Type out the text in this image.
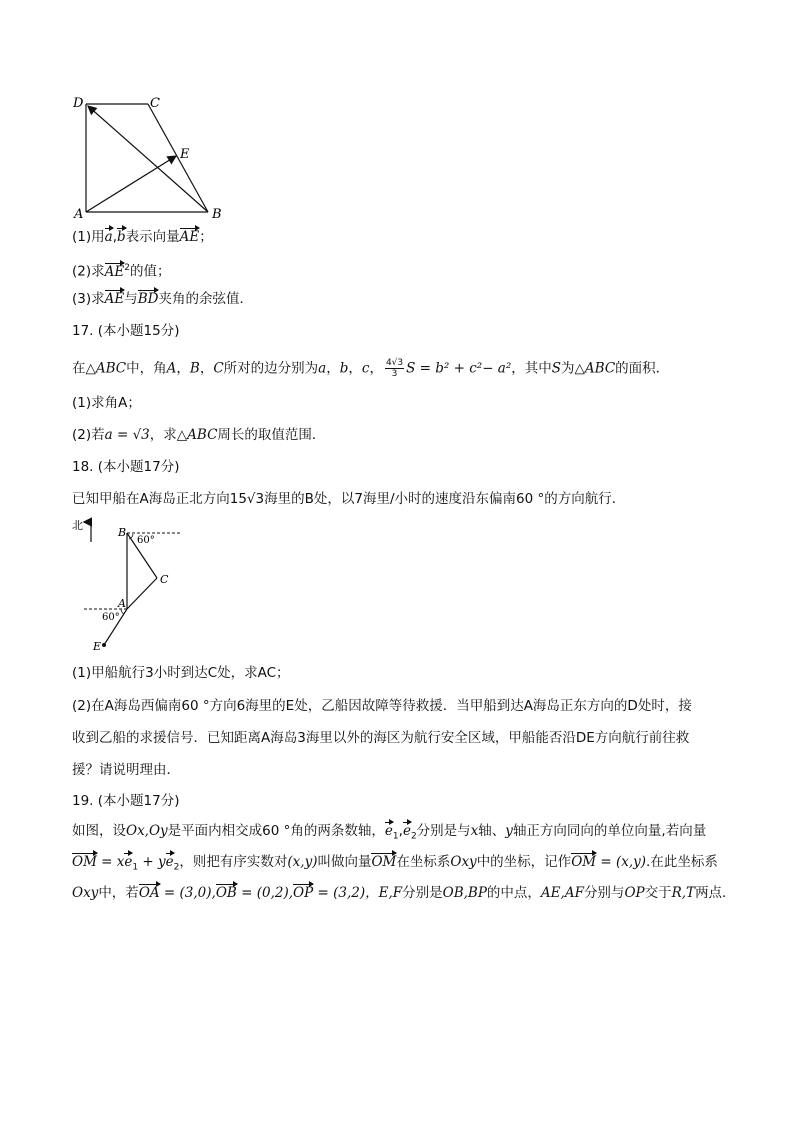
D	C
E
A	B
(1)用a,b表示向量AE；
(2)求$AE^2$的值；
(3)求AE与BD夹角的余弦值．
17. (本小题15分)
在△ABC中，角A，B，C所对的边分别为a，b，c， $\frac{4√3}{3}$ S = b² + c²− a²，其中S为△ABC的面积．
(1)求角A；
(2)若a = √3，求△ABC周长的取值范围．
18. (本小题17分)
已知甲船在A海岛正北方向15√3海里的B处，以7海里/小时的速度沿东偏南60 °的方向航行．
北
B
60°
C
A
60°
E
(1)甲船航行3小时到达C处，求AC；
(2)在A海岛西偏南60 °方向6海里的E处，乙船因故障等待救援．当甲船到达A海岛正东方向的D处时，接
收到乙船的求援信号．已知距离A海岛3海里以外的海区为航行安全区域，甲船能否沿DE方向航行前往救
援？请说明理由．
19. (本小题17分)
如图，设Ox,Oy是平面内相交成60 °角的两条数轴，$e_1,e_2$分别是与x轴、y轴正方向同向的单位向量,若向量
OM = $xe_1 + ye_2$，则把有序实数对(x,y)叫做向量OM在坐标系Oxy中的坐标，记作OM = (x,y).在此坐标系
Oxy中，若OA = (3,0),OB = (0,2),OP = (3,2)，E,F分别是OB,BP的中点，AE,AF分别与OP交于R,T两点．
